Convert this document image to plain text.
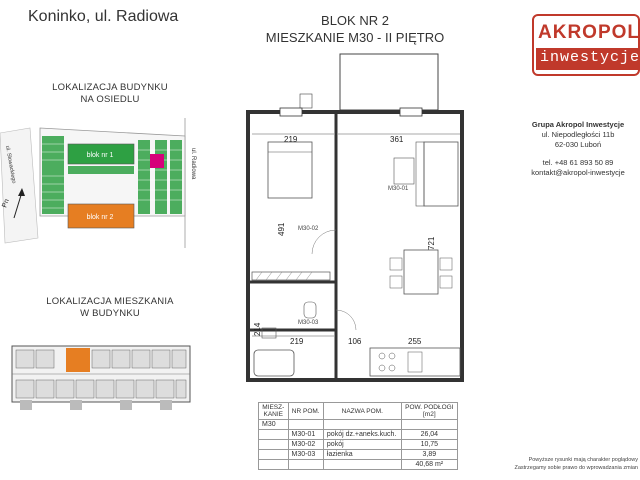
Koninko, ul. Radiowa	BLOK NR 2
MIESZKANIE M30 - II PIĘTRO	AKROPOL
inwestycje
Grupa Akropol Inwestycje
ul. Niepodległości 11b
62-030 Luboń
tel. +48 61 893 50 89
kontakt@akropol-inwestycje
LOKALIZACJA BUDYNKU
NA OSIEDLU
blok nr 1
blok nr 2
ul. Radiowa
ul. Słowackiego
Pn
LOKALIZACJA MIESZKANIA
W BUDYNKU
M30-01
M30-02
M30-03
219	361
491
721
214
219	106	255
MIESZ-
KANIE	NR POM.	NAZWA POM.	POW. PODŁOGI
[m2]
M30			
	M30-01	pokój dz.+aneks.kuch.	26,04
	M30-02	pokój	10,75
	M30-03	łazienka	3,89
			40,68 m²
Powyższe rysunki mają charakter poglądowy
Zastrzegamy sobie prawo do wprowadzania zmian
